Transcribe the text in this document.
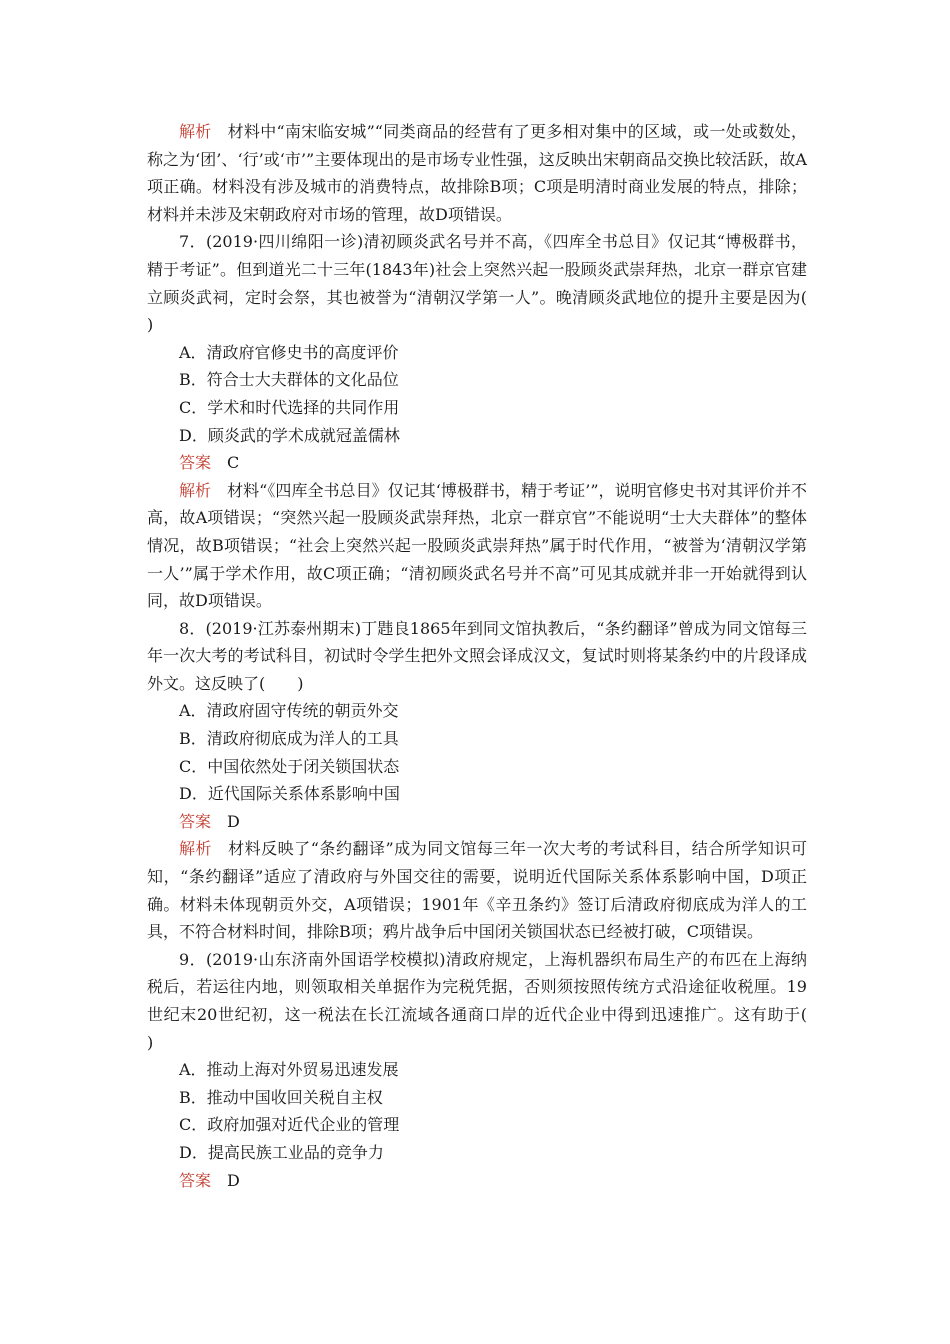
解析 材料中“南宋临安城”“同类商品的经营有了更多相对集中的区域，或一处或数处，称之为‘团’、‘行’或‘市’”主要体现出的是市场专业性强，这反映出宋朝商品交换比较活跃，故A项正确。材料没有涉及城市的消费特点，故排除B项；C项是明清时商业发展的特点，排除；材料并未涉及宋朝政府对市场的管理，故D项错误。

7．(2019·四川绵阳一诊)清初顾炎武名号并不高，《四库全书总目》仅记其“博极群书，精于考证”。但到道光二十三年(1843年)社会上突然兴起一股顾炎武崇拜热，北京一群京官建立顾炎武祠，定时会祭，其也被誉为“清朝汉学第一人”。晚清顾炎武地位的提升主要是因为(　　)

A．清政府官修史书的高度评价

B．符合士大夫群体的文化品位

C．学术和时代选择的共同作用

D．顾炎武的学术成就冠盖儒林

答案 C

解析 材料“《四库全书总目》仅记其‘博极群书，精于考证’”，说明官修史书对其评价并不高，故A项错误；“突然兴起一股顾炎武崇拜热，北京一群京官”不能说明“士大夫群体”的整体情况，故B项错误；“社会上突然兴起一股顾炎武崇拜热”属于时代作用，“被誉为‘清朝汉学第一人’”属于学术作用，故C项正确；“清初顾炎武名号并不高”可见其成就并非一开始就得到认同，故D项错误。

8．(2019·江苏泰州期末)丁韪良1865年到同文馆执教后，“条约翻译”曾成为同文馆每三年一次大考的考试科目，初试时令学生把外文照会译成汉文，复试时则将某条约中的片段译成外文。这反映了(　　)

A．清政府固守传统的朝贡外交

B．清政府彻底成为洋人的工具

C．中国依然处于闭关锁国状态

D．近代国际关系体系影响中国

答案 D

解析 材料反映了“条约翻译”成为同文馆每三年一次大考的考试科目，结合所学知识可知，“条约翻译”适应了清政府与外国交往的需要，说明近代国际关系体系影响中国，D项正确。材料未体现朝贡外交，A项错误；1901年《辛丑条约》签订后清政府彻底成为洋人的工具，不符合材料时间，排除B项；鸦片战争后中国闭关锁国状态已经被打破，C项错误。

9．(2019·山东济南外国语学校模拟)清政府规定，上海机器织布局生产的布匹在上海纳税后，若运往内地，则领取相关单据作为完税凭据，否则须按照传统方式沿途征收税厘。19世纪末20世纪初，这一税法在长江流域各通商口岸的近代企业中得到迅速推广。这有助于(　　)

A．推动上海对外贸易迅速发展

B．推动中国收回关税自主权

C．政府加强对近代企业的管理

D．提高民族工业品的竞争力

答案 D
